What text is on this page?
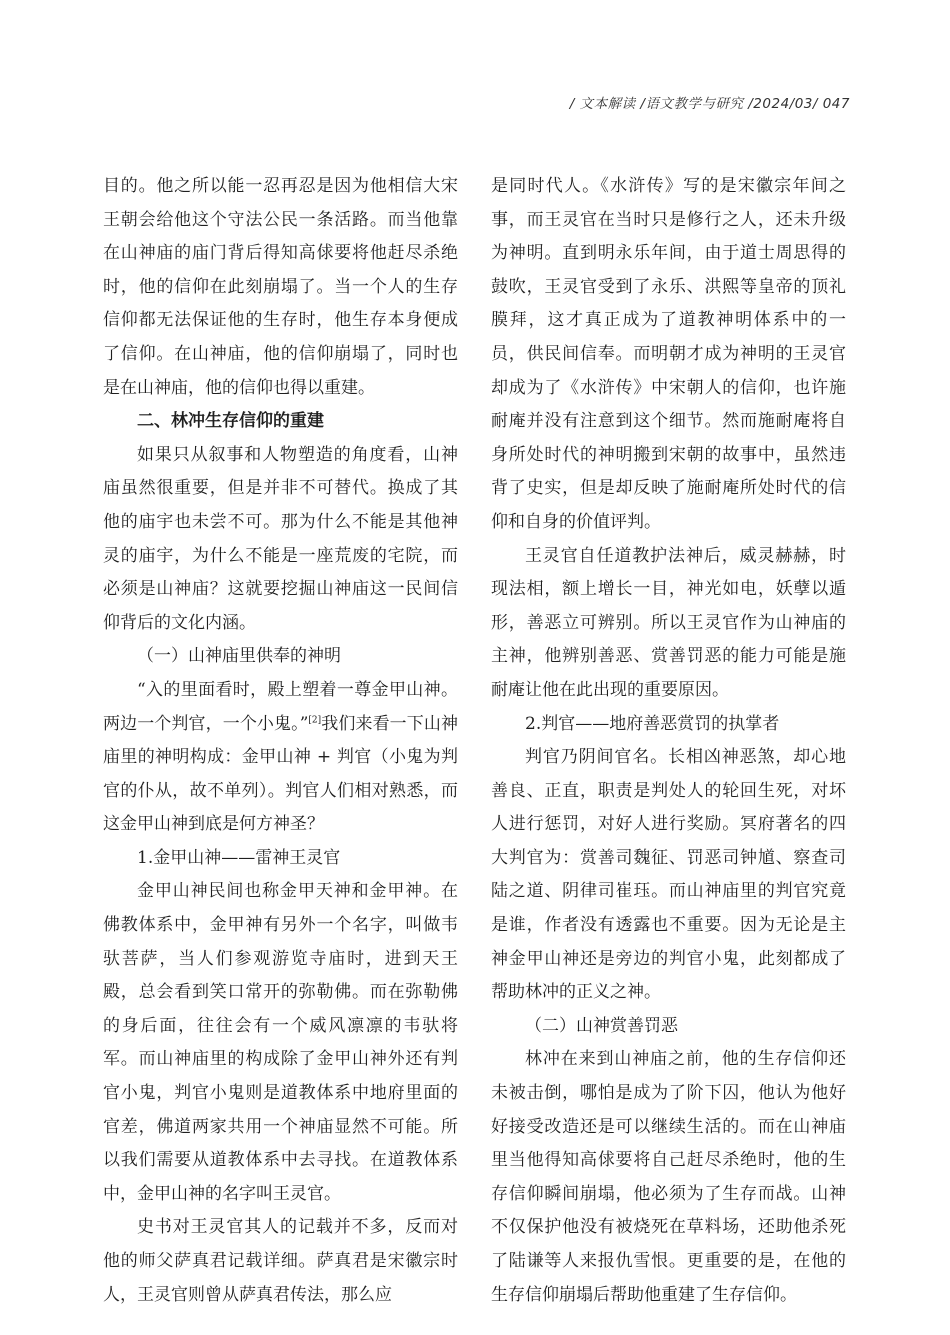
/ 文本解读 /语文教学与研究 /2024/03/ 047

目的。他之所以能一忍再忍是因为他相信大宋王朝会给他这个守法公民一条活路。而当他靠在山神庙的庙门背后得知高俅要将他赶尽杀绝时，他的信仰在此刻崩塌了。当一个人的生存信仰都无法保证他的生存时，他生存本身便成了信仰。在山神庙，他的信仰崩塌了，同时也是在山神庙，他的信仰也得以重建。

二、林冲生存信仰的重建

如果只从叙事和人物塑造的角度看，山神庙虽然很重要，但是并非不可替代。换成了其他的庙宇也未尝不可。那为什么不能是其他神灵的庙宇，为什么不能是一座荒废的宅院，而必须是山神庙？这就要挖掘山神庙这一民间信仰背后的文化内涵。

（一）山神庙里供奉的神明

“入的里面看时，殿上塑着一尊金甲山神。两边一个判官，一个小鬼。”[2]我们来看一下山神庙里的神明构成：金甲山神 + 判官（小鬼为判官的仆从，故不单列）。判官人们相对熟悉，而这金甲山神到底是何方神圣？

1.金甲山神——雷神王灵官

金甲山神民间也称金甲天神和金甲神。在佛教体系中，金甲神有另外一个名字，叫做韦驮菩萨，当人们参观游览寺庙时，进到天王殿，总会看到笑口常开的弥勒佛。而在弥勒佛的身后面，往往会有一个威风凛凛的韦驮将军。而山神庙里的构成除了金甲山神外还有判官小鬼，判官小鬼则是道教体系中地府里面的官差，佛道两家共用一个神庙显然不可能。所以我们需要从道教体系中去寻找。在道教体系中，金甲山神的名字叫王灵官。

史书对王灵官其人的记载并不多，反而对他的师父萨真君记载详细。萨真君是宋徽宗时人，王灵官则曾从萨真君传法，那么应

是同时代人。《水浒传》写的是宋徽宗年间之事，而王灵官在当时只是修行之人，还未升级为神明。直到明永乐年间，由于道士周思得的鼓吹，王灵官受到了永乐、洪熙等皇帝的顶礼膜拜，这才真正成为了道教神明体系中的一员，供民间信奉。而明朝才成为神明的王灵官却成为了《水浒传》中宋朝人的信仰，也许施耐庵并没有注意到这个细节。然而施耐庵将自身所处时代的神明搬到宋朝的故事中，虽然违背了史实，但是却反映了施耐庵所处时代的信仰和自身的价值评判。

王灵官自任道教护法神后，威灵赫赫，时现法相，额上增长一目，神光如电，妖孽以遁形，善恶立可辨别。所以王灵官作为山神庙的主神，他辨别善恶、赏善罚恶的能力可能是施耐庵让他在此出现的重要原因。

2.判官——地府善恶赏罚的执掌者

判官乃阴间官名。长相凶神恶煞，却心地善良、正直，职责是判处人的轮回生死，对坏人进行惩罚，对好人进行奖励。冥府著名的四大判官为：赏善司魏征、罚恶司钟馗、察查司陆之道、阴律司崔珏。而山神庙里的判官究竟是谁，作者没有透露也不重要。因为无论是主神金甲山神还是旁边的判官小鬼，此刻都成了帮助林冲的正义之神。

（二）山神赏善罚恶

林冲在来到山神庙之前，他的生存信仰还未被击倒，哪怕是成为了阶下囚，他认为他好好接受改造还是可以继续生活的。而在山神庙里当他得知高俅要将自己赶尽杀绝时，他的生存信仰瞬间崩塌，他必须为了生存而战。山神不仅保护他没有被烧死在草料场，还助他杀死了陆谦等人来报仇雪恨。更重要的是，在他的生存信仰崩塌后帮助他重建了生存信仰。
